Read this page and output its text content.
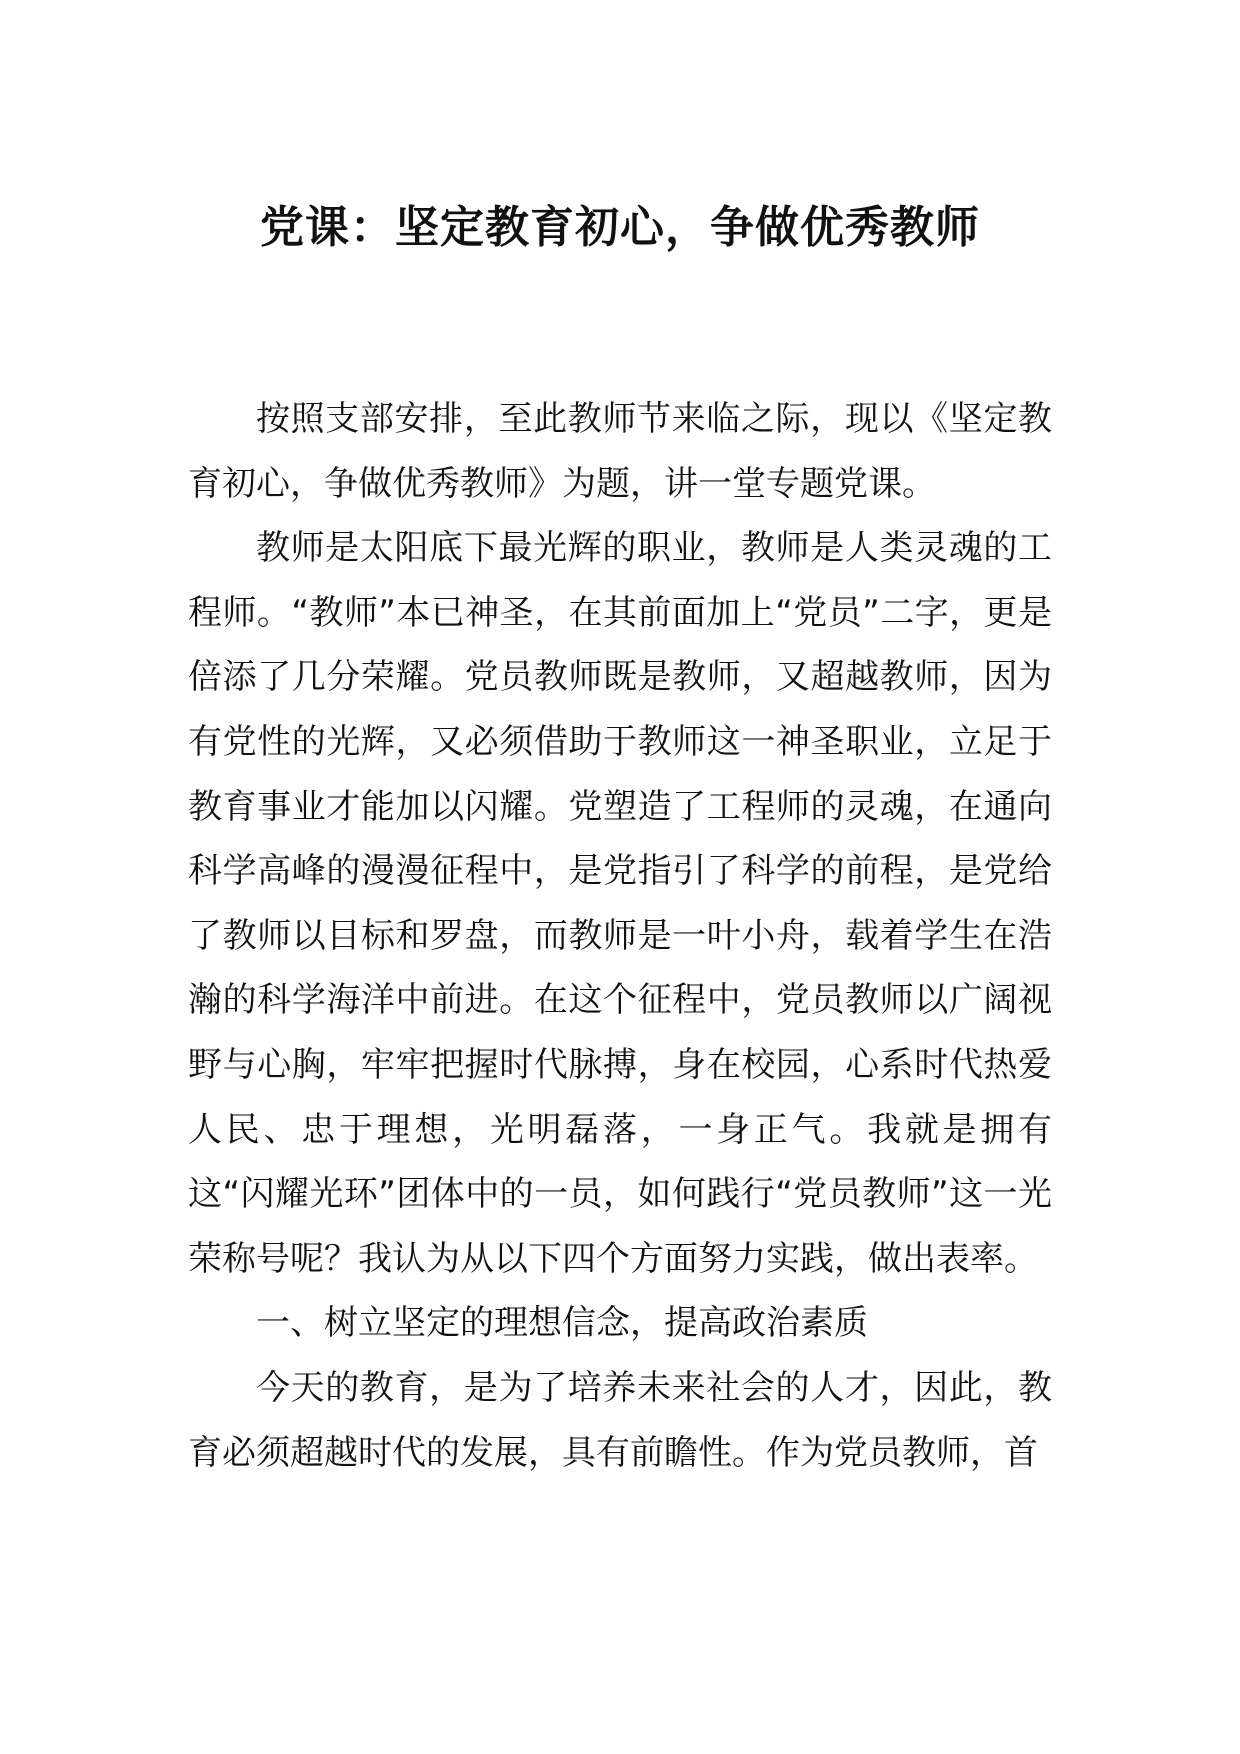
党课：坚定教育初心，争做优秀教师

按照支部安排，至此教师节来临之际，现以《坚定教育初心，争做优秀教师》为题，讲一堂专题党课。

教师是太阳底下最光辉的职业，教师是人类灵魂的工程师。“教师”本已神圣，在其前面加上“党员”二字，更是倍添了几分荣耀。党员教师既是教师，又超越教师，因为有党性的光辉，又必须借助于教师这一神圣职业，立足于教育事业才能加以闪耀。党塑造了工程师的灵魂，在通向科学高峰的漫漫征程中，是党指引了科学的前程，是党给了教师以目标和罗盘，而教师是一叶小舟，载着学生在浩瀚的科学海洋中前进。在这个征程中，党员教师以广阔视野与心胸，牢牢把握时代脉搏，身在校园，心系时代热爱人民、忠于理想，光明磊落，一身正气。我就是拥有这“闪耀光环”团体中的一员，如何践行“党员教师”这一光荣称号呢？我认为从以下四个方面努力实践，做出表率。

一、树立坚定的理想信念，提高政治素质

今天的教育，是为了培养未来社会的人才，因此，教育必须超越时代的发展，具有前瞻性。作为党员教师，首
